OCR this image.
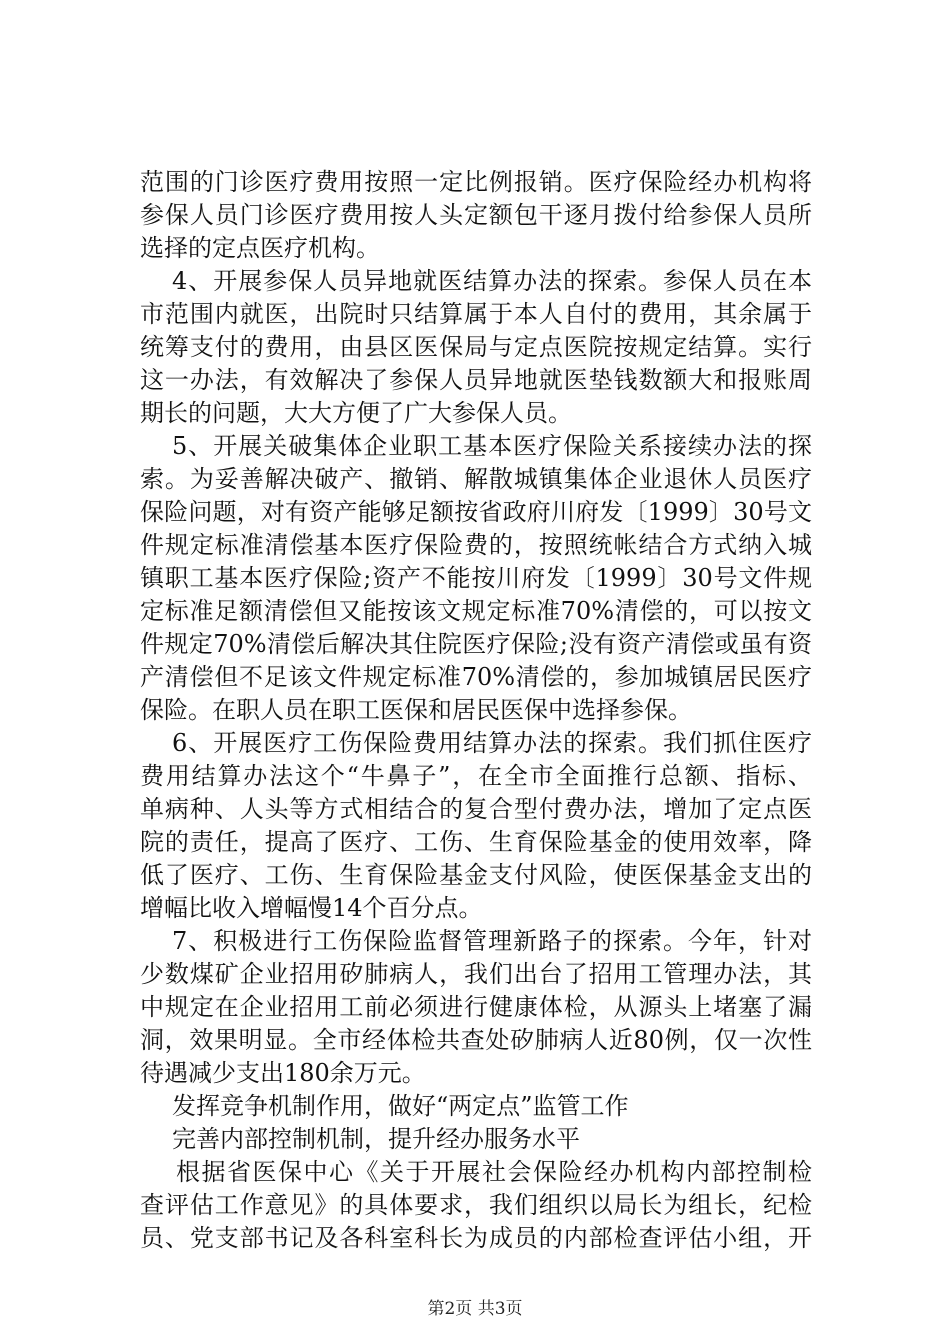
范围的门诊医疗费用按照一定比例报销。医疗保险经办机构将
参保人员门诊医疗费用按人头定额包干逐月拨付给参保人员所
选择的定点医疗机构。
4、开展参保人员异地就医结算办法的探索。参保人员在本
市范围内就医，出院时只结算属于本人自付的费用，其余属于
统筹支付的费用，由县区医保局与定点医院按规定结算。实行
这一办法，有效解决了参保人员异地就医垫钱数额大和报账周
期长的问题，大大方便了广大参保人员。
5、开展关破集体企业职工基本医疗保险关系接续办法的探
索。为妥善解决破产、撤销、解散城镇集体企业退休人员医疗
保险问题，对有资产能够足额按省政府川府发〔1999〕30号文
件规定标准清偿基本医疗保险费的，按照统帐结合方式纳入城
镇职工基本医疗保险;资产不能按川府发〔1999〕30号文件规
定标准足额清偿但又能按该文规定标准70%清偿的，可以按文
件规定70%清偿后解决其住院医疗保险;没有资产清偿或虽有资
产清偿但不足该文件规定标准70%清偿的，参加城镇居民医疗
保险。在职人员在职工医保和居民医保中选择参保。
6、开展医疗工伤保险费用结算办法的探索。我们抓住医疗
费用结算办法这个“牛鼻子”，在全市全面推行总额、指标、
单病种、人头等方式相结合的复合型付费办法，增加了定点医
院的责任，提高了医疗、工伤、生育保险基金的使用效率，降
低了医疗、工伤、生育保险基金支付风险，使医保基金支出的
增幅比收入增幅慢14个百分点。
7、积极进行工伤保险监督管理新路子的探索。今年，针对
少数煤矿企业招用矽肺病人，我们出台了招用工管理办法，其
中规定在企业招用工前必须进行健康体检，从源头上堵塞了漏
洞，效果明显。全市经体检共查处矽肺病人近80例，仅一次性
待遇减少支出180余万元。
发挥竞争机制作用，做好“两定点”监管工作
完善内部控制机制，提升经办服务水平
根据省医保中心《关于开展社会保险经办机构内部控制检
查评估工作意见》的具体要求，我们组织以局长为组长，纪检
员、党支部书记及各科室科长为成员的内部检查评估小组，开
第2页 共3页
